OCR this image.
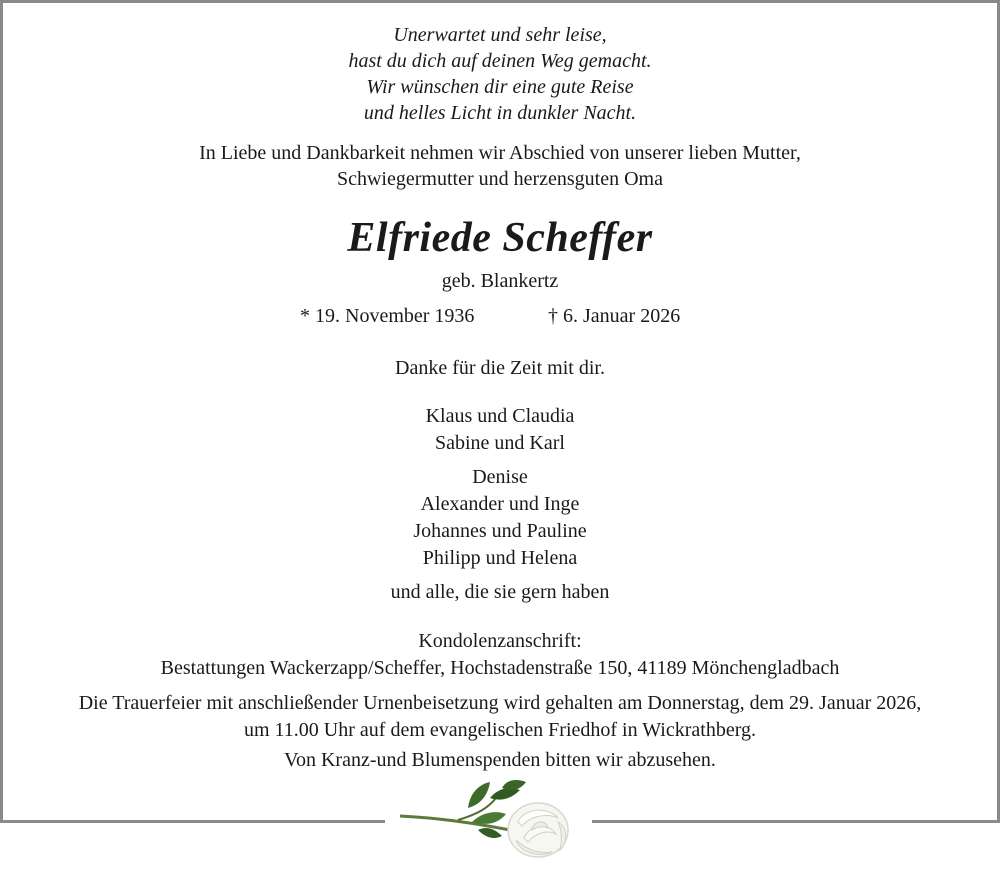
Unerwartet und sehr leise,
hast du dich auf deinen Weg gemacht.
Wir wünschen dir eine gute Reise
und helles Licht in dunkler Nacht.
In Liebe und Dankbarkeit nehmen wir Abschied von unserer lieben Mutter,
Schwiegermutter und herzensguten Oma
Elfriede Scheffer
geb. Blankertz
* 19. November 1936	† 6. Januar 2026
Danke für die Zeit mit dir.
Klaus und Claudia
Sabine und Karl
Denise
Alexander und Inge
Johannes und Pauline
Philipp und Helena
und alle, die sie gern haben
Kondolenzanschrift:
Bestattungen Wackerzapp/Scheffer, Hochstadenstraße 150, 41189 Mönchengladbach
Die Trauerfeier mit anschließender Urnenbeisetzung wird gehalten am Donnerstag, dem 29. Januar 2026,
um 11.00 Uhr auf dem evangelischen Friedhof in Wickrathberg.
Von Kranz-und Blumenspenden bitten wir abzusehen.
